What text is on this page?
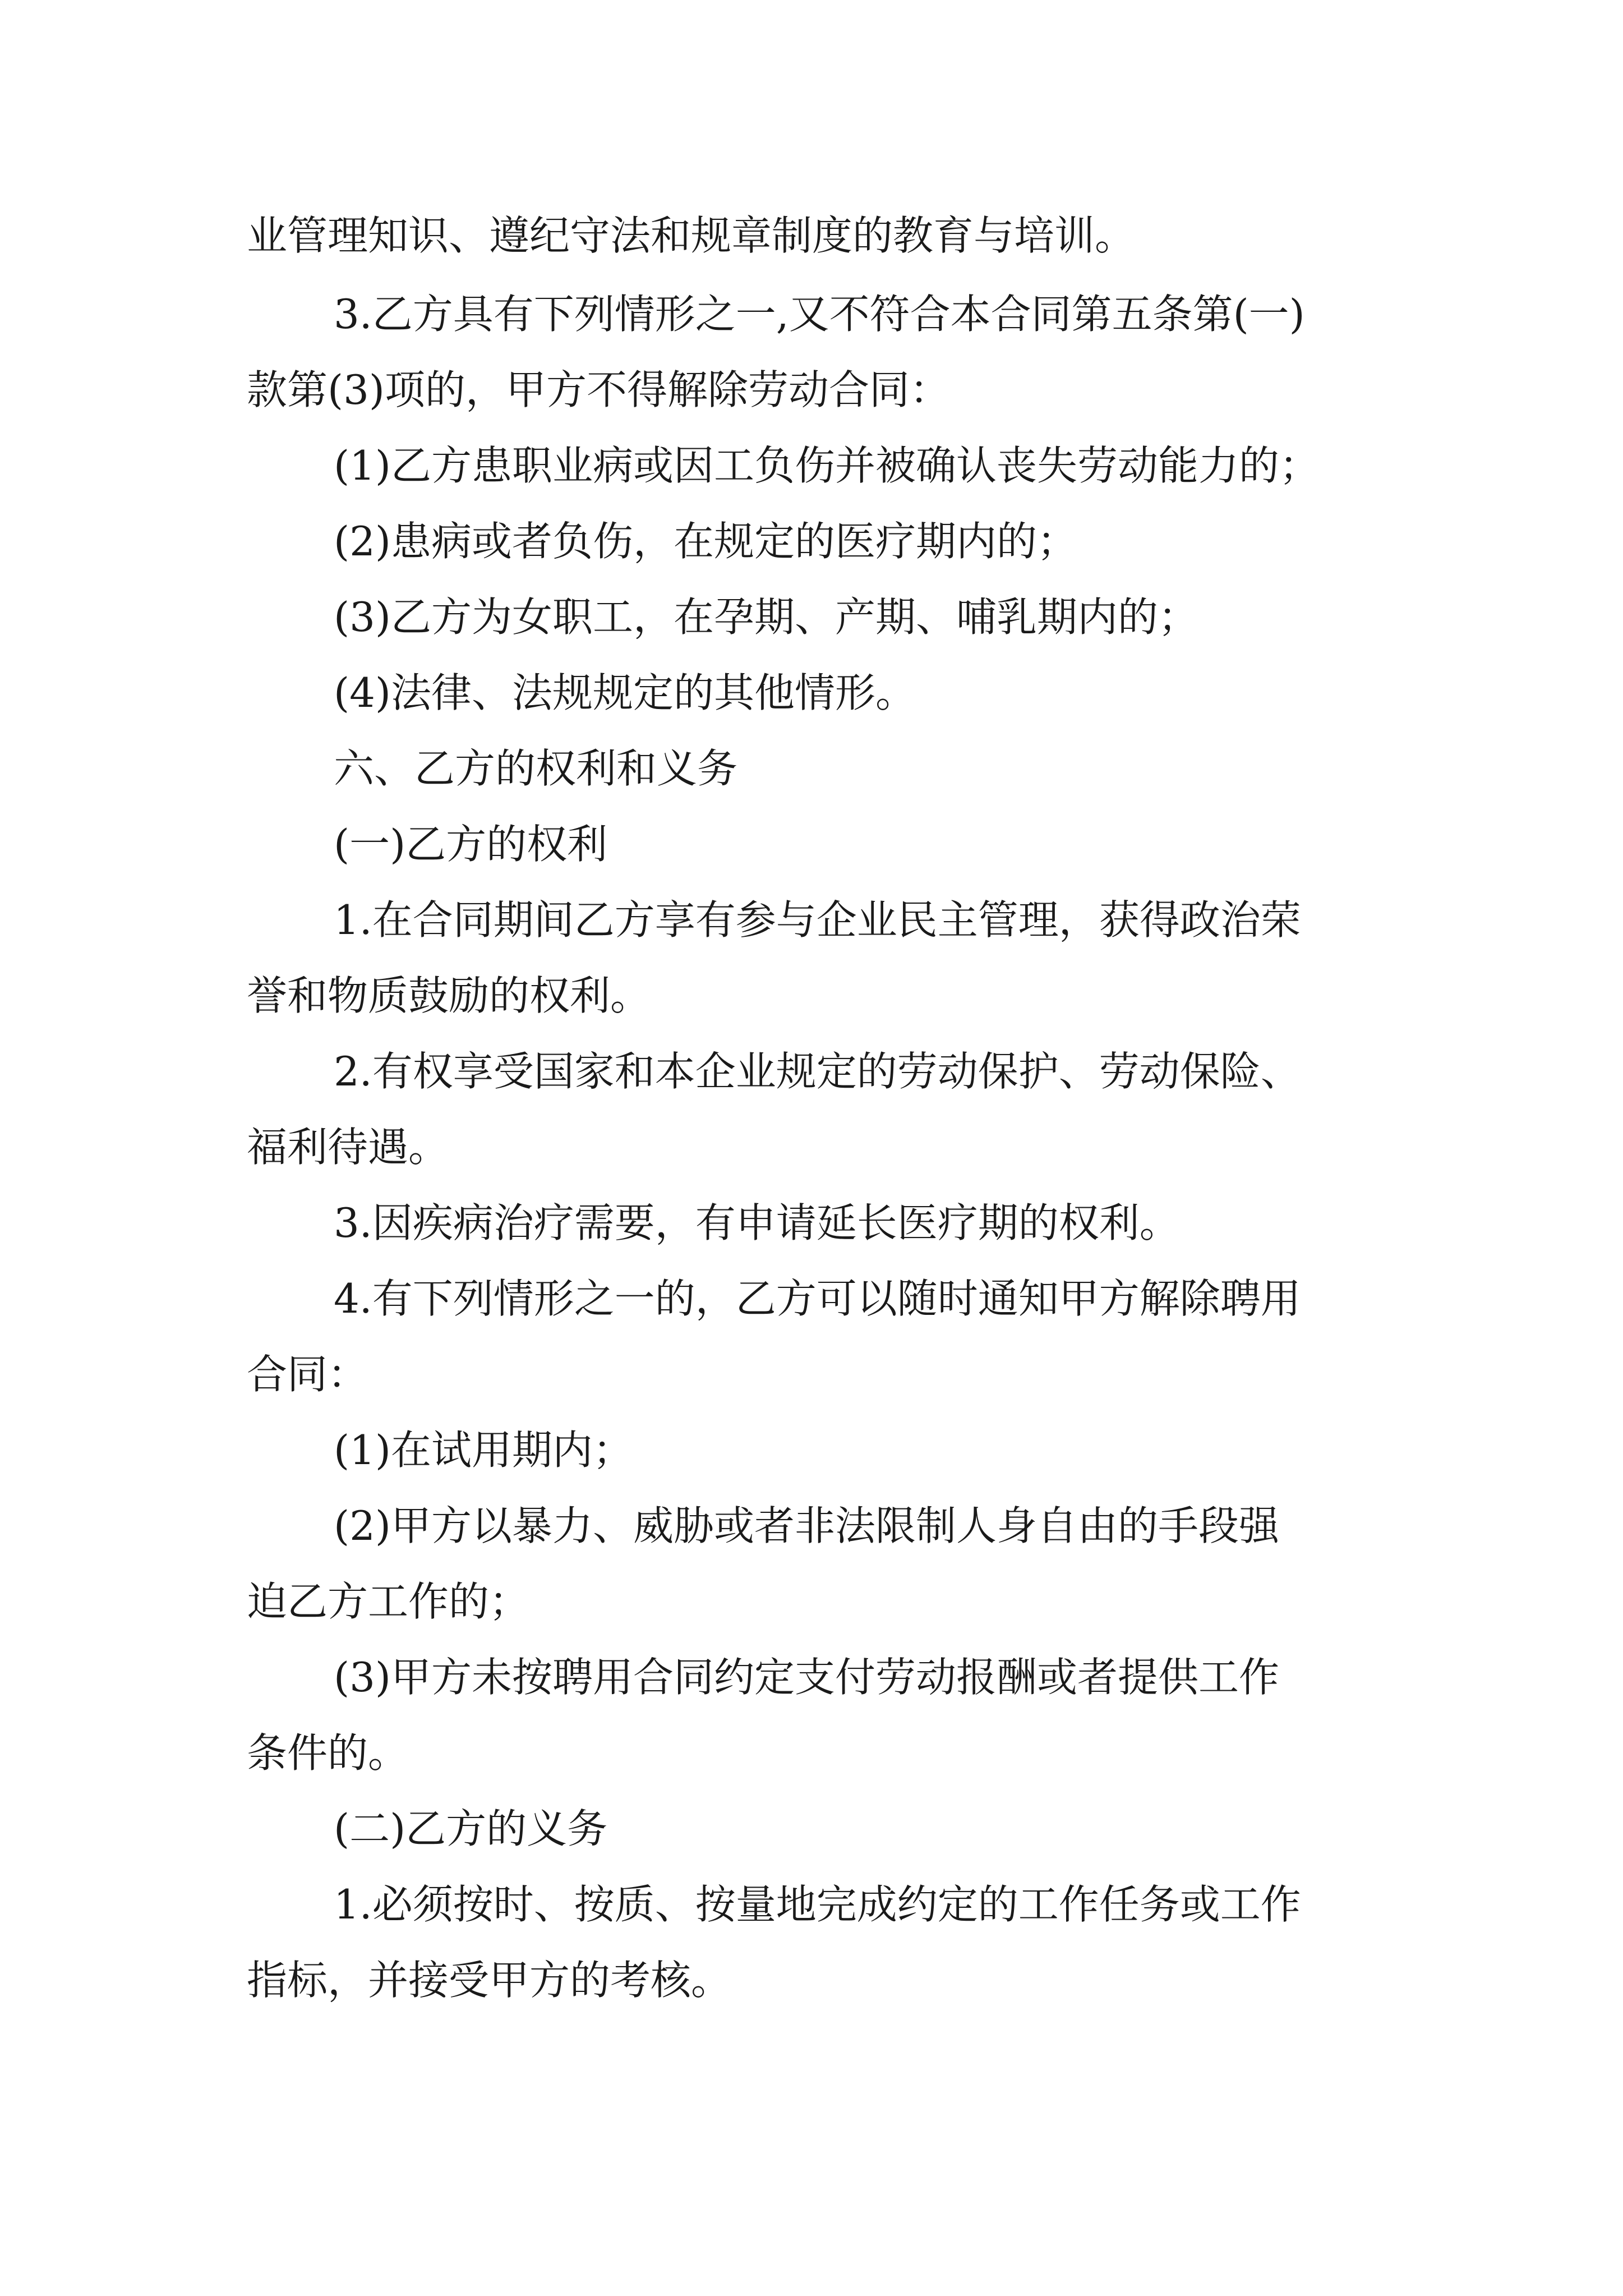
业管理知识、遵纪守法和规章制度的教育与培训。

3.乙方具有下列情形之一,又不符合本合同第五条第(一)

款第(3)项的，甲方不得解除劳动合同：

(1)乙方患职业病或因工负伤并被确认丧失劳动能力的；

(2)患病或者负伤，在规定的医疗期内的；

(3)乙方为女职工，在孕期、产期、哺乳期内的；

(4)法律、法规规定的其他情形。

六、乙方的权利和义务

(一)乙方的权利

1.在合同期间乙方享有参与企业民主管理，获得政治荣

誉和物质鼓励的权利。

2.有权享受国家和本企业规定的劳动保护、劳动保险、

福利待遇。

3.因疾病治疗需要，有申请延长医疗期的权利。

4.有下列情形之一的，乙方可以随时通知甲方解除聘用

合同：

(1)在试用期内；

(2)甲方以暴力、威胁或者非法限制人身自由的手段强

迫乙方工作的；

(3)甲方未按聘用合同约定支付劳动报酬或者提供工作

条件的。

(二)乙方的义务

1.必须按时、按质、按量地完成约定的工作任务或工作

指标，并接受甲方的考核。
